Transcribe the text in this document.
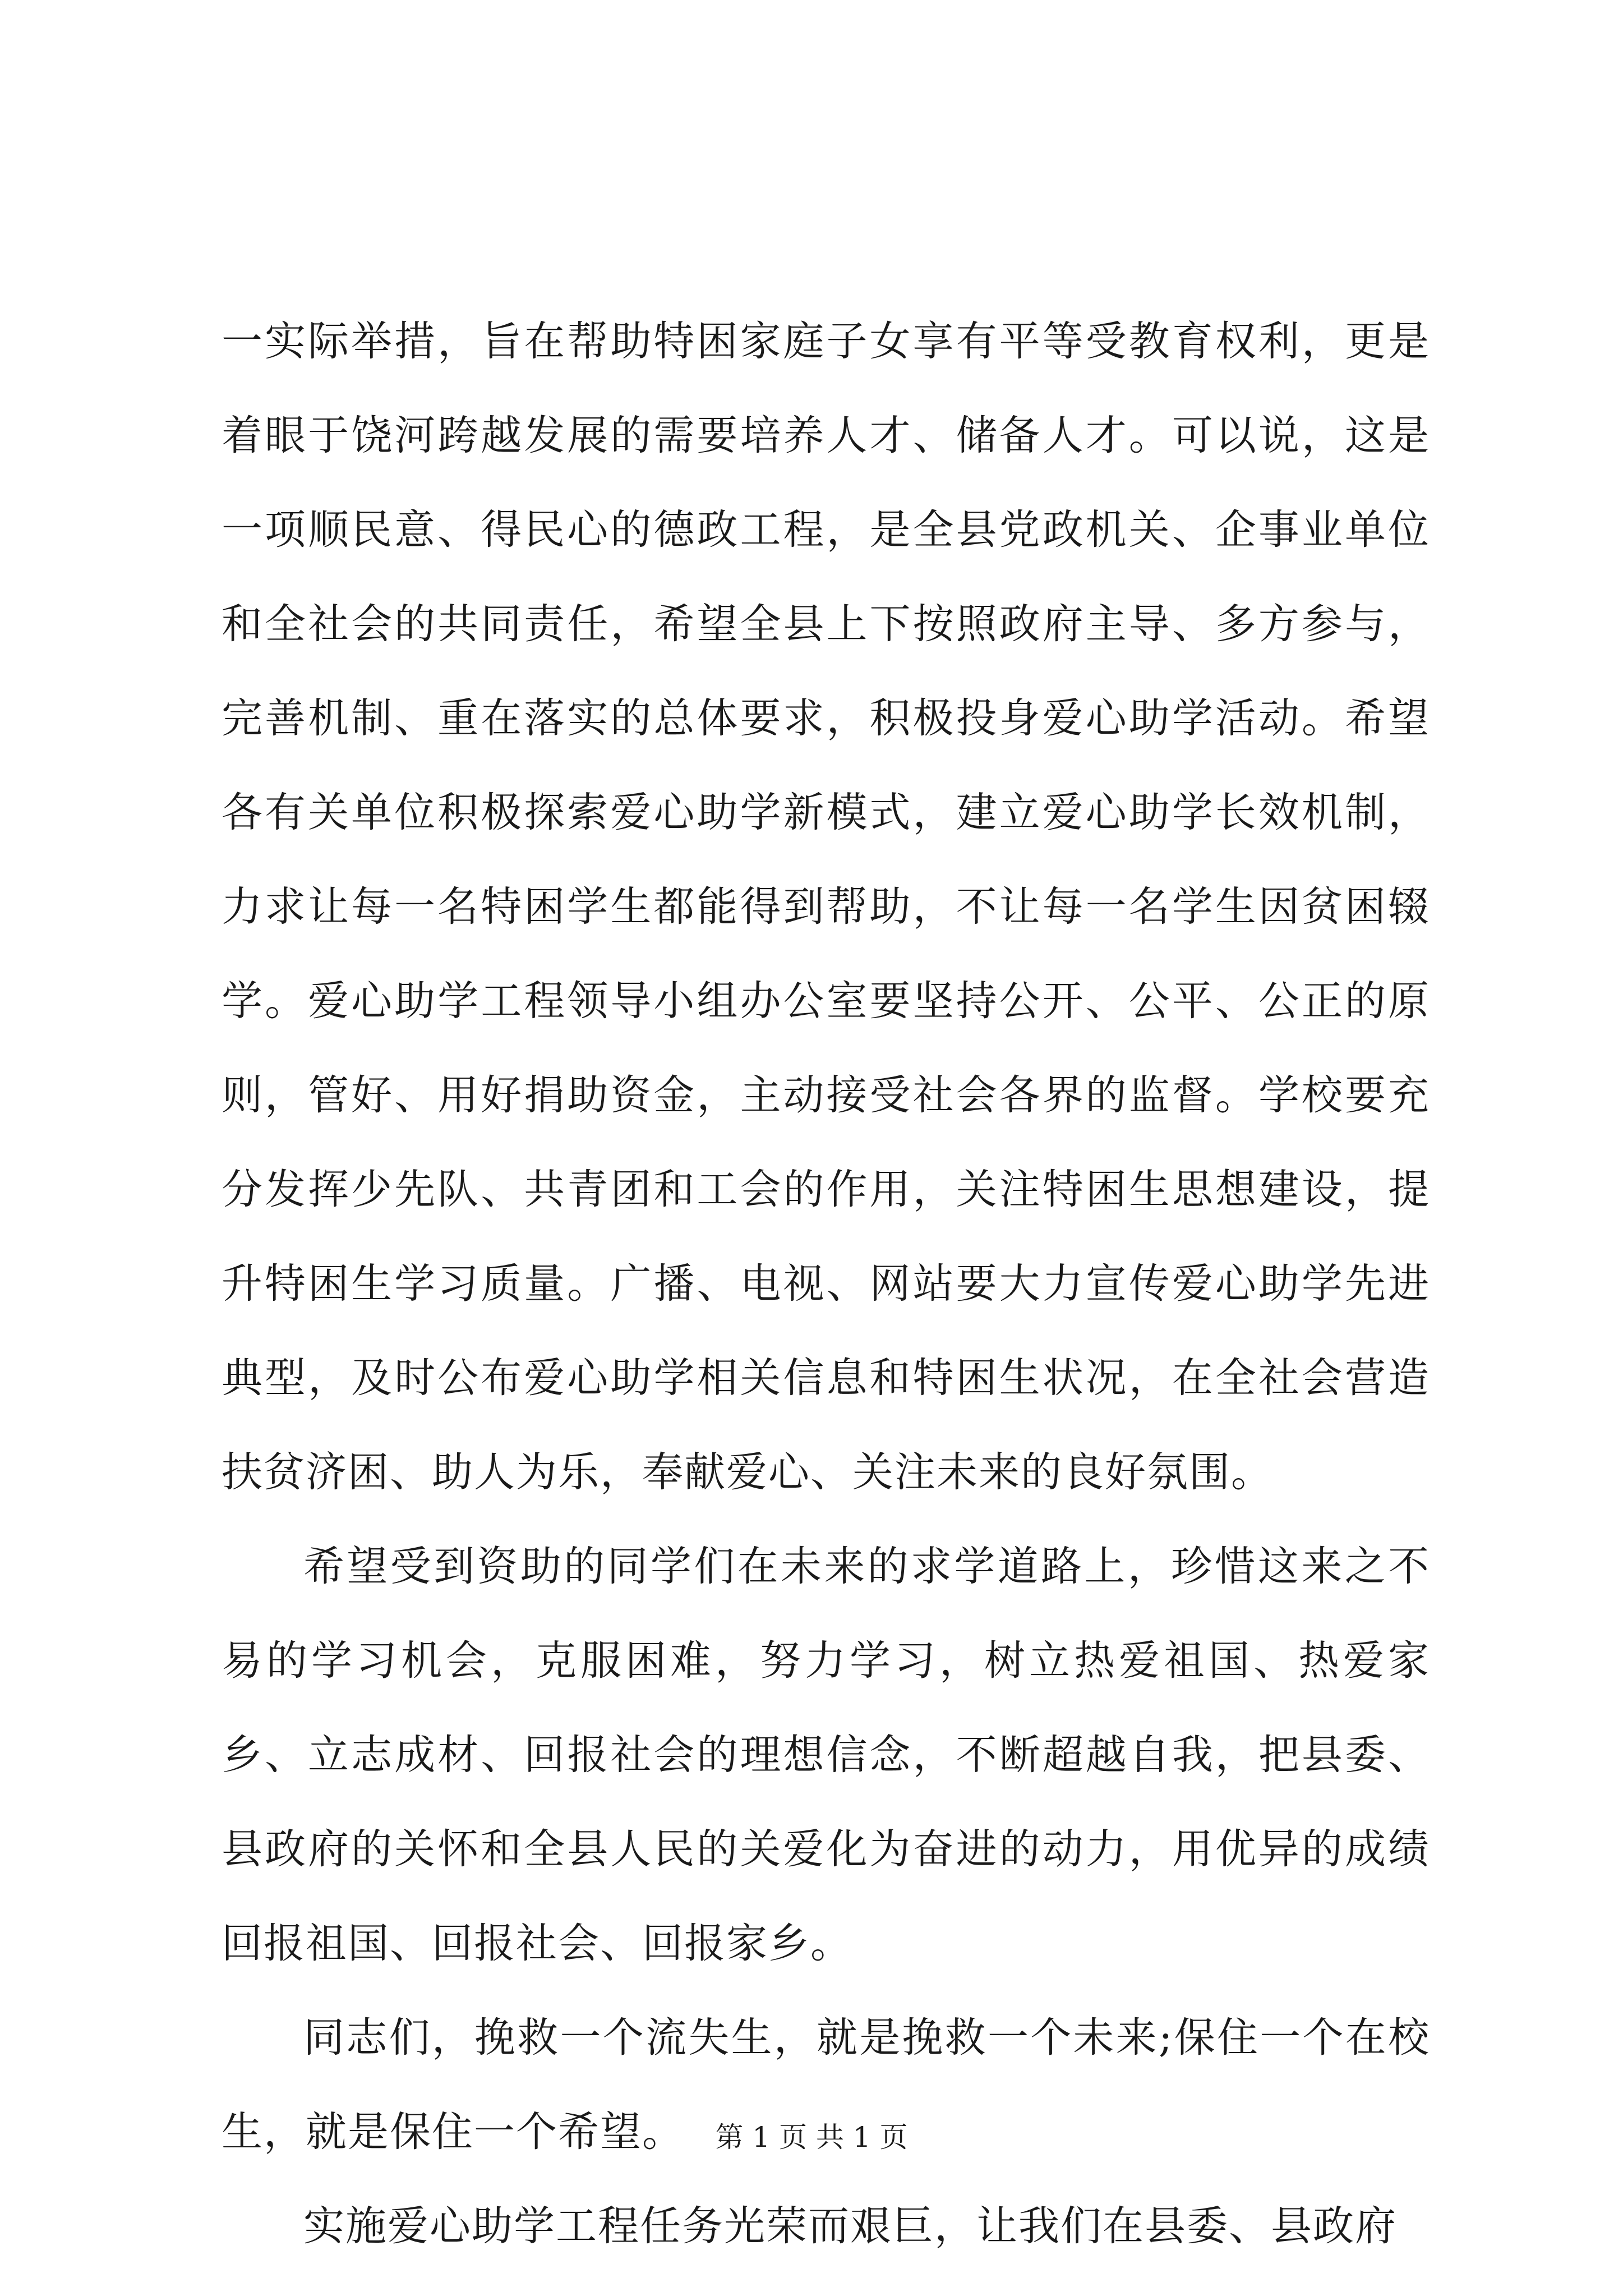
一实际举措，旨在帮助特困家庭子女享有平等受教育权利，更是着眼于饶河跨越发展的需要培养人才、储备人才。可以说，这是一项顺民意、得民心的德政工程，是全县党政机关、企事业单位和全社会的共同责任，希望全县上下按照政府主导、多方参与，完善机制、重在落实的总体要求，积极投身爱心助学活动。希望各有关单位积极探索爱心助学新模式，建立爱心助学长效机制，力求让每一名特困学生都能得到帮助，不让每一名学生因贫困辍学。爱心助学工程领导小组办公室要坚持公开、公平、公正的原则，管好、用好捐助资金，主动接受社会各界的监督。学校要充分发挥少先队、共青团和工会的作用，关注特困生思想建设，提升特困生学习质量。广播、电视、网站要大力宣传爱心助学先进典型，及时公布爱心助学相关信息和特困生状况，在全社会营造扶贫济困、助人为乐，奉献爱心、关注未来的良好氛围。

希望受到资助的同学们在未来的求学道路上，珍惜这来之不易的学习机会，克服困难，努力学习，树立热爱祖国、热爱家乡、立志成材、回报社会的理想信念，不断超越自我，把县委、县政府的关怀和全县人民的关爱化为奋进的动力，用优异的成绩回报祖国、回报社会、回报家乡。

同志们，挽救一个流失生，就是挽救一个未来;保住一个在校生，就是保住一个希望。

实施爱心助学工程任务光荣而艰巨，让我们在县委、县政府

第 1 页 共 1 页
